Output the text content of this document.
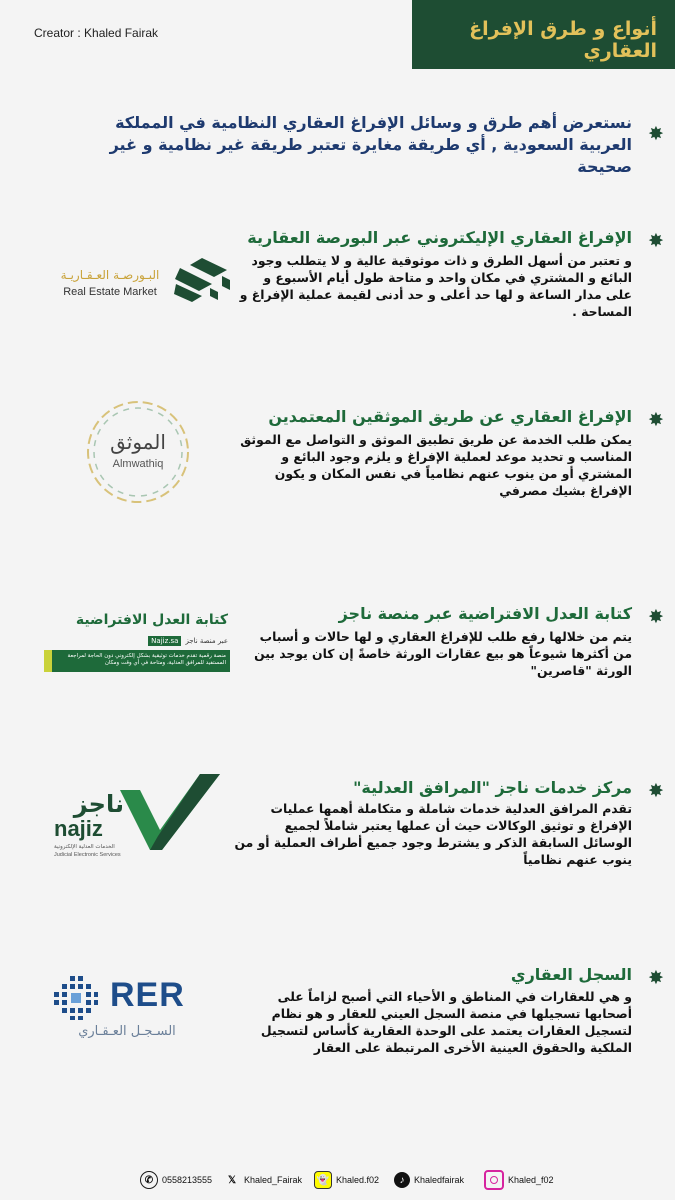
Creator : Khaled Fairak	أنواع و طرق الإفراغ العقاري
✸
نستعرض أهم طرق و وسائل الإفراغ العقاري النظامية في المملكة العربية السعودية , أي طريقة مغايرة تعتبر طريقة غير نظامية و غير صحيحة
✸
الإفراغ العقاري الإليكتروني عبر البورصة العقارية
و تعتبر من أسهل الطرق و ذات موثوقية عالية و لا يتطلب وجود البائع و المشتري في مكان واحد و متاحة طول أيام الأسبوع و على مدار الساعة و لها حد أعلى و حد أدنى لقيمة عملية الإفراغ و المساحة .
البـورصـة العـقـاريـة
Real Estate Market
✸
الإفراغ العقاري عن طريق الموثقين المعتمدين
يمكن طلب الخدمة عن طريق تطبيق الموثق و التواصل مع الموثق المناسب و تحديد موعد لعملية الإفراغ و يلزم وجود البائع و المشتري أو من ينوب عنهم نظامياً في نفس المكان و يكون الإفراغ بشيك مصرفي
الموثق
Almwathiq
✸
كتابة العدل الافتراضية عبر منصة ناجز
يتم من خلالها رفع طلب للإفراغ العقاري و لها حالات و أسباب من أكثرها شيوعاً هو بيع عقارات الورثة خاصةً إن كان يوجد بين الورثة "قاصرين"
كتابة العدل الافتراضية
عبر منصة ناجز
Najiz.sa
منصة رقمية تقدم خدمات توثيقية بشكل إلكتروني دون الحاجة لمراجعة المستفيد للمرافق العدلية، ومتاحة في أي وقت ومكان
✸
مركز خدمات ناجز "المرافق العدلية"
تقدم المرافق العدلية خدمات شاملة و متكاملة أهمها عمليات الإفراغ و توثيق الوكالات حيث أن عملها يعتبر شاملاً لجميع الوسائل السابقة الذكر و يشترط وجود جميع أطراف العملية أو من ينوب عنهم نظامياً
ناجز
najiz
الخدمات العدلية الإلكترونية
Judicial Electronic Services
✸
السجل العقاري
و هي للعقارات في المناطق و الأحياء التي أصبح لزاماً على أصحابها تسجيلها في منصة السجل العيني للعقار و هو نظام لتسجيل العقارات يعتمد على الوحدة العقارية كأساس لتسجيل الملكية والحقوق العينية الأخرى المرتبطة على العقار
RER
السـجـل العـقـاري
✆ 0558213555	𝕏 Khaled_Fairak 👻 Khaled.f02	♪	Khaledfairak	Khaled_f02
